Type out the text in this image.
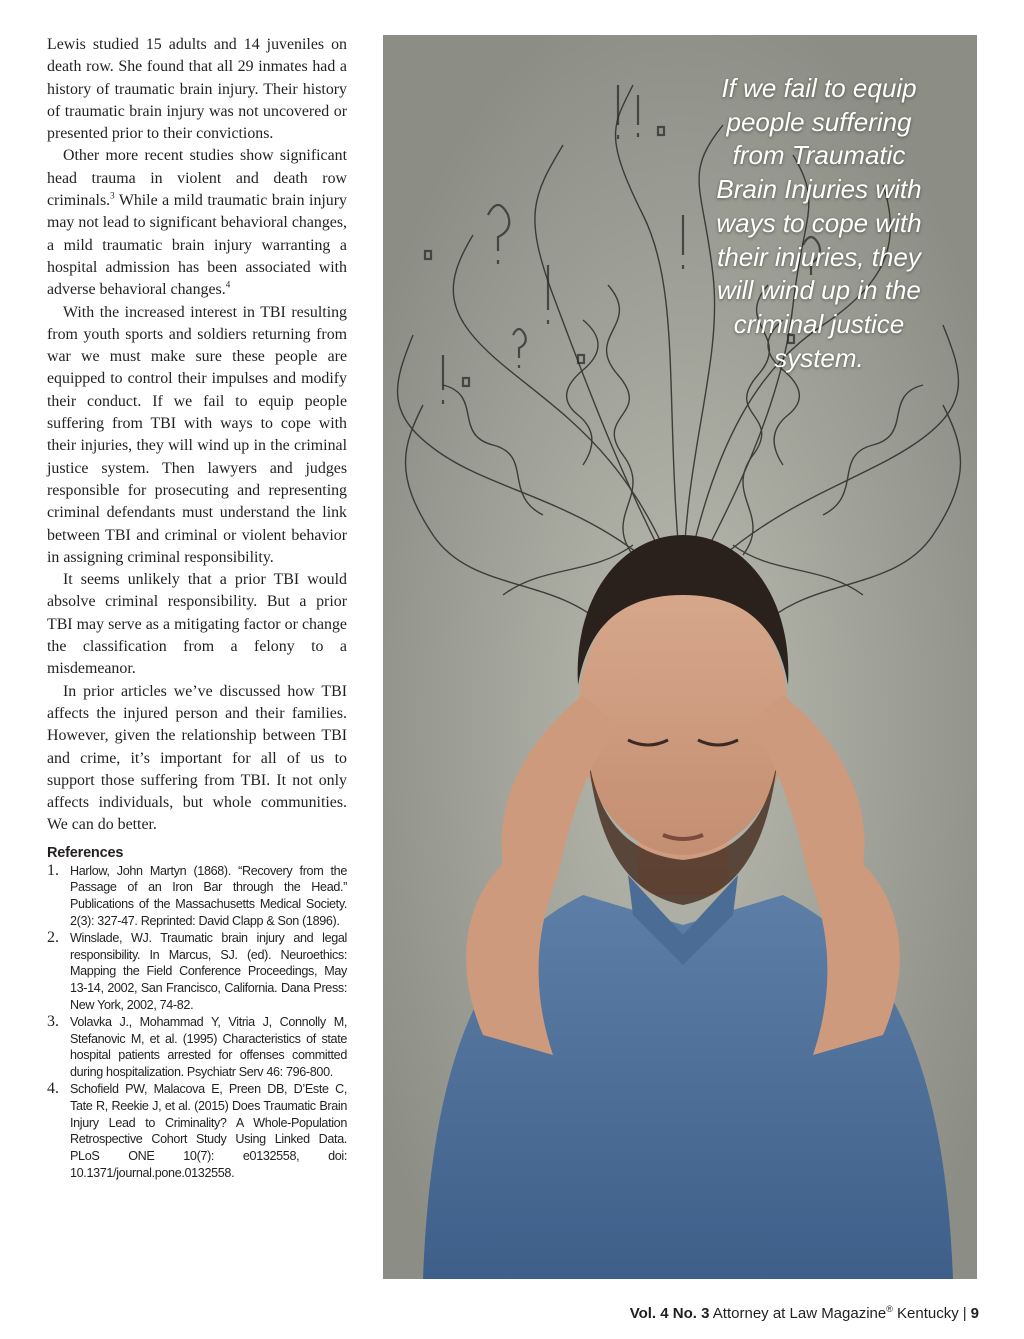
Lewis studied 15 adults and 14 juveniles on death row. She found that all 29 inmates had a history of traumatic brain injury. Their history of traumatic brain injury was not uncovered or presented prior to their convictions.

Other more recent studies show significant head trauma in violent and death row criminals.$^3$ While a mild traumatic brain injury may not lead to significant behavioral changes, a mild traumatic brain injury warranting a hospital admission has been associated with adverse behavioral changes.$^4$

With the increased interest in TBI resulting from youth sports and soldiers returning from war we must make sure these people are equipped to control their impulses and modify their conduct. If we fail to equip people suffering from TBI with ways to cope with their injuries, they will wind up in the criminal justice system. Then lawyers and judges responsible for prosecuting and representing criminal defendants must understand the link between TBI and criminal or violent behavior in assigning criminal responsibility.

It seems unlikely that a prior TBI would absolve criminal responsibility. But a prior TBI may serve as a mitigating factor or change the classification from a felony to a misdemeanor.

In prior articles we’ve discussed how TBI affects the injured person and their families. However, given the relationship between TBI and crime, it’s important for all of us to support those suffering from TBI. It not only affects individuals, but whole communities. We can do better.

References
1. Harlow, John Martyn (1868). “Recovery from the Passage of an Iron Bar through the Head.” Publications of the Massachusetts Medical Society. 2(3): 327-47. Reprinted: David Clapp & Son (1896).
2. Winslade, WJ. Traumatic brain injury and legal responsibility. In Marcus, SJ. (ed). Neuroethics: Mapping the Field Conference Proceedings, May 13-14, 2002, San Francisco, California. Dana Press: New York, 2002, 74-82.
3. Volavka J., Mohammad Y, Vitria J, Connolly M, Stefanovic M, et al. (1995) Characteristics of state hospital patients arrested for offenses committed during hospitalization. Psychiatr Serv 46: 796-800.
4. Schofield PW, Malacova E, Preen DB, D’Este C, Tate R, Reekie J, et al. (2015) Does Traumatic Brain Injury Lead to Criminality? A Whole-Population Retrospective Cohort Study Using Linked Data. PLoS ONE 10(7): e0132558, doi: 10.1371/journal.pone.0132558.

If we fail to equip people suffering from Traumatic Brain Injuries with ways to cope with their injuries, they will wind up in the criminal justice system.

Vol. 4 No. 3 Attorney at Law Magazine® Kentucky | 9
